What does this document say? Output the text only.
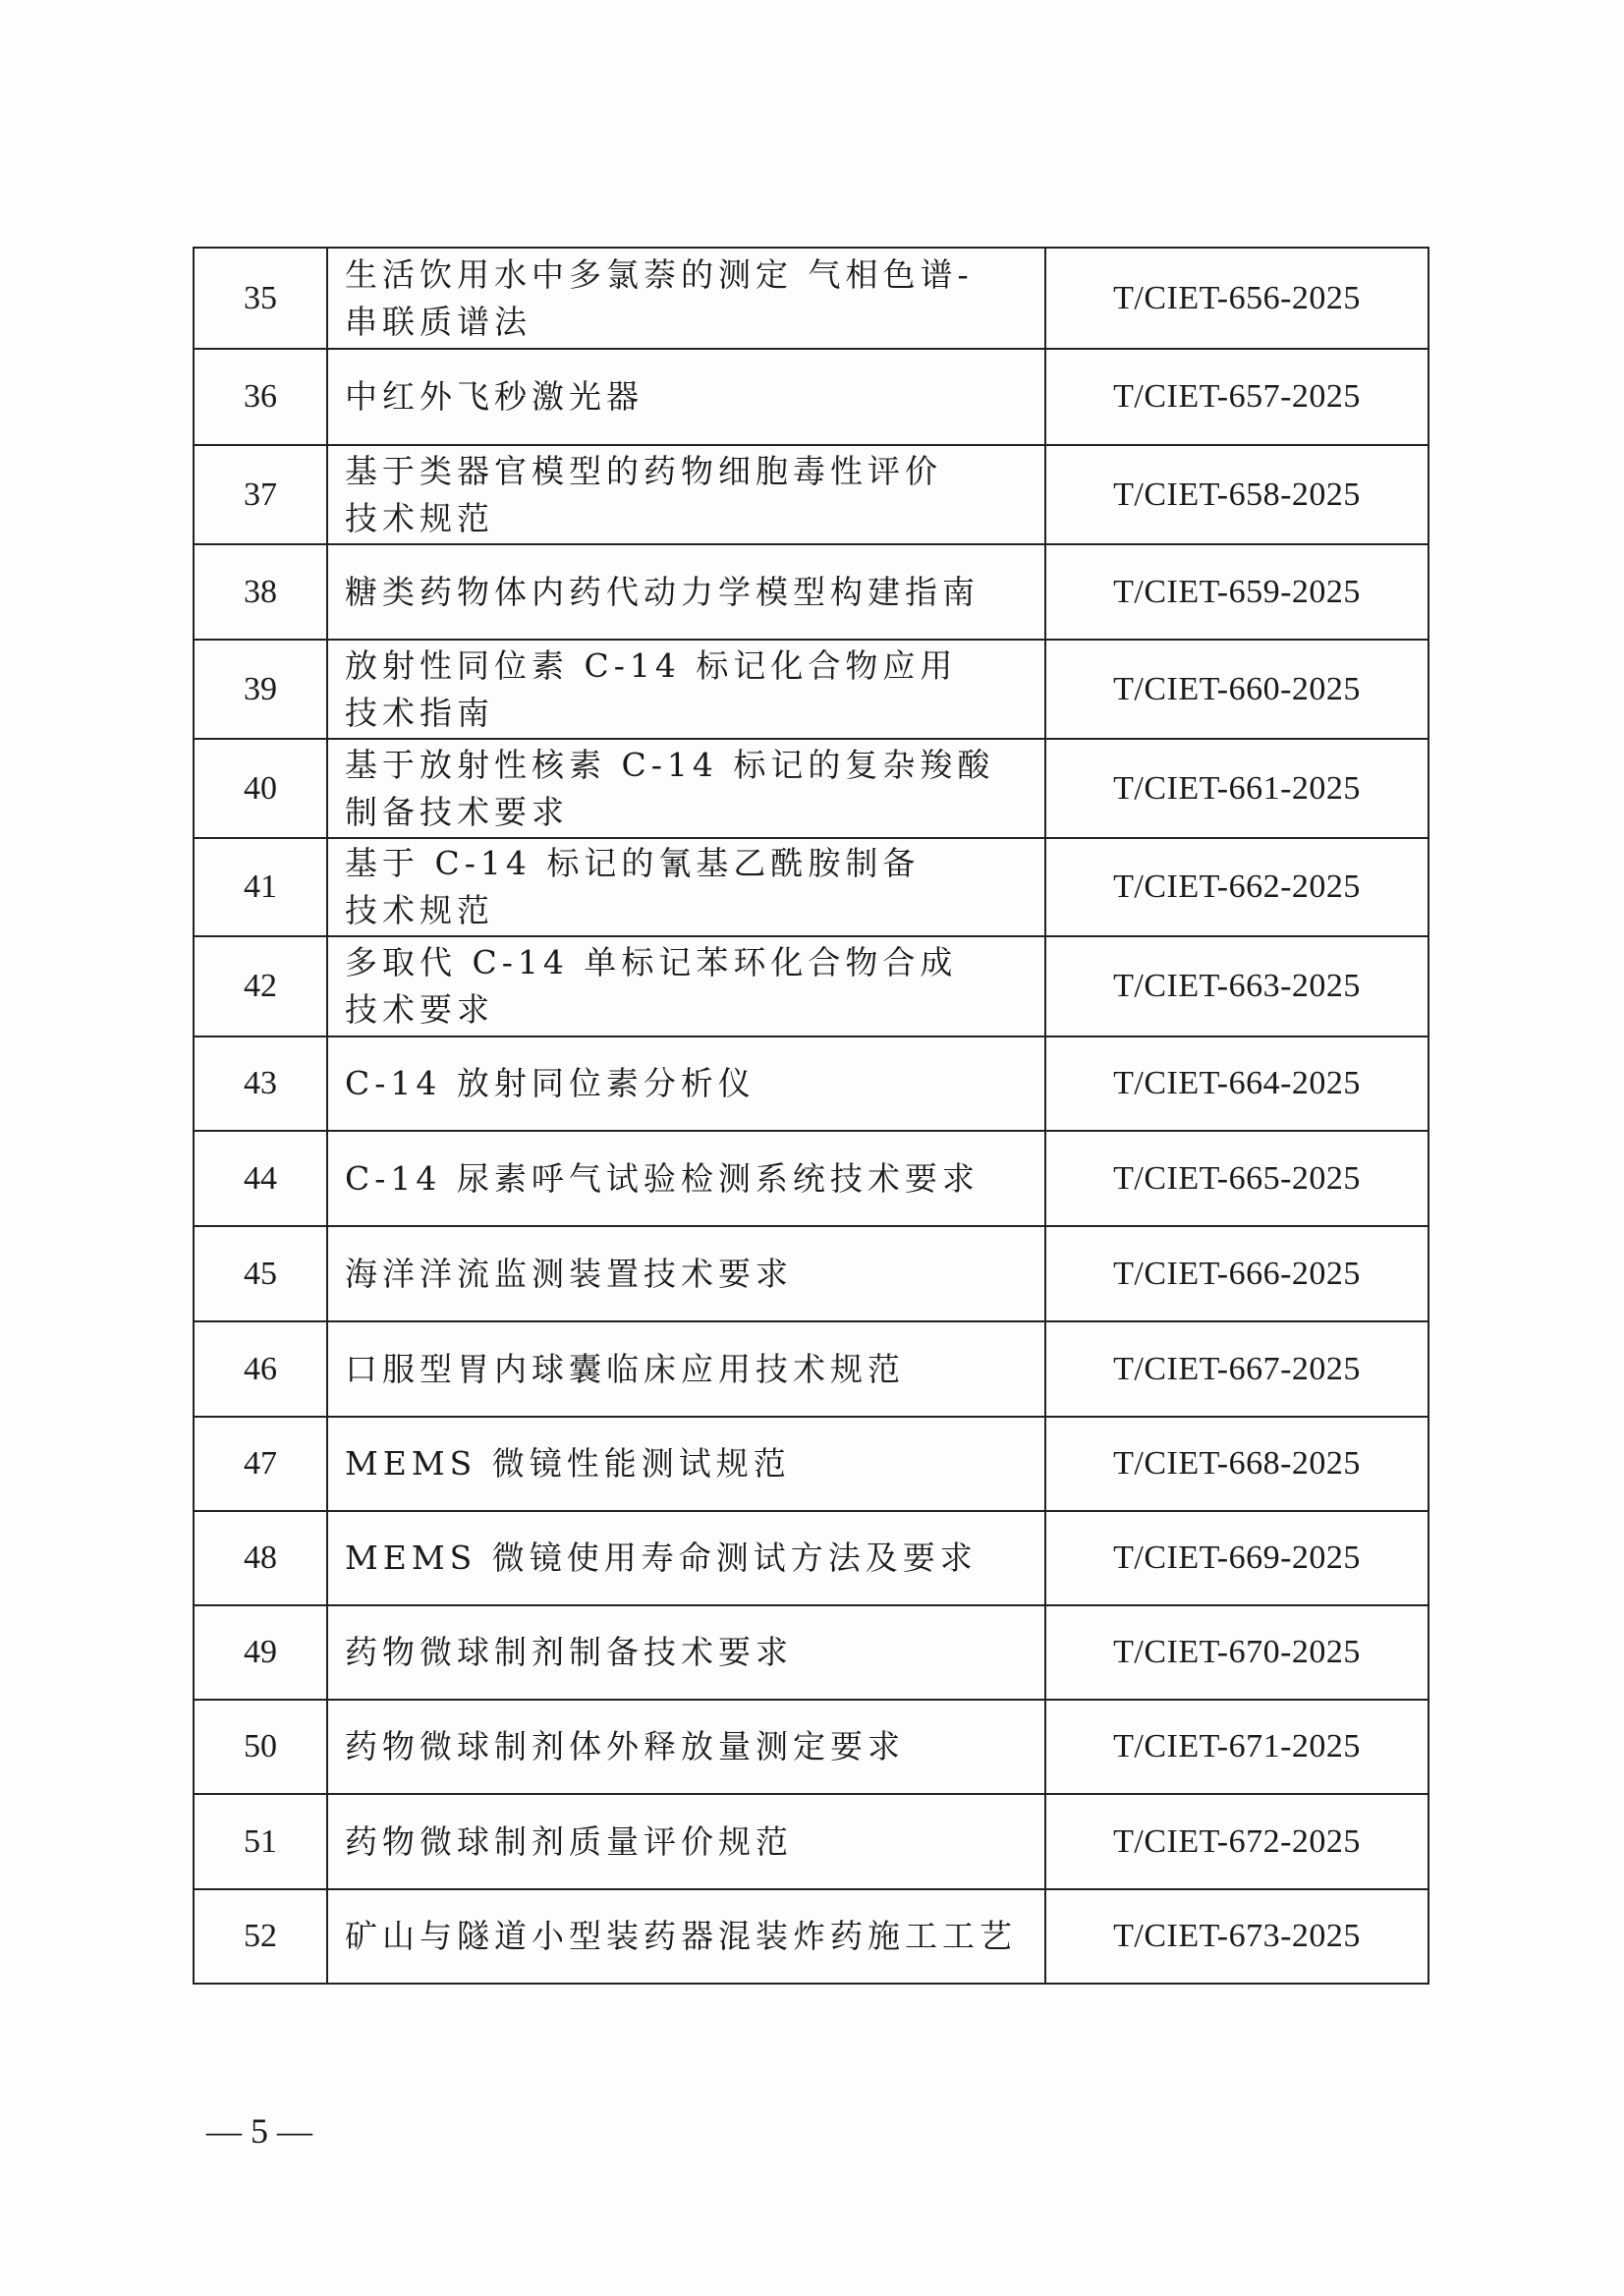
35	生活饮用水中多氯萘的测定 气相色谱-
串联质谱法	T/CIET-656-2025
36	中红外飞秒激光器	T/CIET-657-2025
37	基于类器官模型的药物细胞毒性评价
技术规范	T/CIET-658-2025
38	糖类药物体内药代动力学模型构建指南	T/CIET-659-2025
39	放射性同位素 C-14 标记化合物应用
技术指南	T/CIET-660-2025
40	基于放射性核素 C-14 标记的复杂羧酸
制备技术要求	T/CIET-661-2025
41	基于 C-14 标记的氰基乙酰胺制备
技术规范	T/CIET-662-2025
42	多取代 C-14 单标记苯环化合物合成
技术要求	T/CIET-663-2025
43	C-14 放射同位素分析仪	T/CIET-664-2025
44	C-14 尿素呼气试验检测系统技术要求	T/CIET-665-2025
45	海洋洋流监测装置技术要求	T/CIET-666-2025
46	口服型胃内球囊临床应用技术规范	T/CIET-667-2025
47	MEMS 微镜性能测试规范	T/CIET-668-2025
48	MEMS 微镜使用寿命测试方法及要求	T/CIET-669-2025
49	药物微球制剂制备技术要求	T/CIET-670-2025
50	药物微球制剂体外释放量测定要求	T/CIET-671-2025
51	药物微球制剂质量评价规范	T/CIET-672-2025
52	矿山与隧道小型装药器混装炸药施工工艺	T/CIET-673-2025
— 5 —
